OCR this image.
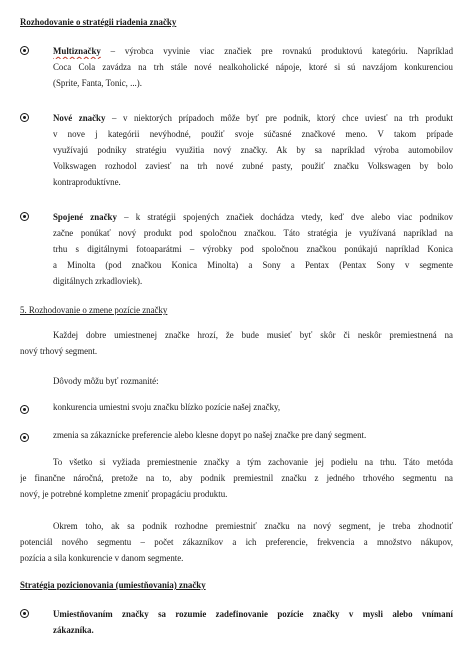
Rozhodovanie o stratégii riadenia značky
Multiznačky – výrobca vyvinie viac značiek pre rovnakú produktovú kategóriu. Napríklad
Coca Cola zavádza na trh stále nové nealkoholické nápoje, ktoré si sú navzájom konkurenciou
(Sprite, Fanta, Tonic, ...).
Nové značky – v niektorých prípadoch môže byť pre podnik, ktorý chce uviesť na trh produkt
v nove j kategórii nevýhodné, použiť svoje súčasné značkové meno. V takom prípade
využívajú podniky stratégiu využitia nový značky. Ak by sa napríklad výroba automobilov
Volkswagen rozhodol zaviesť na trh nové zubné pasty, použiť značku Volkswagen by bolo
kontraproduktívne.
Spojené značky – k stratégii spojených značiek dochádza vtedy, keď dve alebo viac podnikov
začne ponúkať nový produkt pod spoločnou značkou. Táto stratégia je využívaná napríklad na
trhu s digitálnymi fotoaparátmi – výrobky pod spoločnou značkou ponúkajú napríklad Konica
a Minolta (pod značkou Konica Minolta) a Sony a Pentax (Pentax Sony v segmente
digitálnych zrkadloviek).
5. Rozhodovanie o zmene pozície značky
Každej dobre umiestnenej značke hrozí, že bude musieť byť skôr či neskôr premiestnená na
nový trhový segment.
Dôvody môžu byť rozmanité:
konkurencia umiestni svoju značku blízko pozície našej značky,
zmenia sa zákazníckе preferencie alebo klesne dopyt po našej značke pre daný segment.
To všetko si vyžiada premiestnenie značky a tým zachovanie jej podielu na trhu. Táto metóda
je finančne náročná, pretože na to, aby podnik premiestnil značku z jedného trhového segmentu na
nový, je potrebné kompletne zmeniť propagáciu produktu.
Okrem toho, ak sa podnik rozhodne premiestniť značku na nový segment, je treba zhodnotiť
potenciál nového segmentu – počet zákazníkov a ich preferencie, frekvencia a množstvo nákupov,
pozícia a sila konkurencie v danom segmente.
Stratégia pozicionovania (umiestňovania) značky
Umiestňovaním značky sa rozumie zadefinovanie pozície značky v mysli alebo vnímaní
zákazníka.
